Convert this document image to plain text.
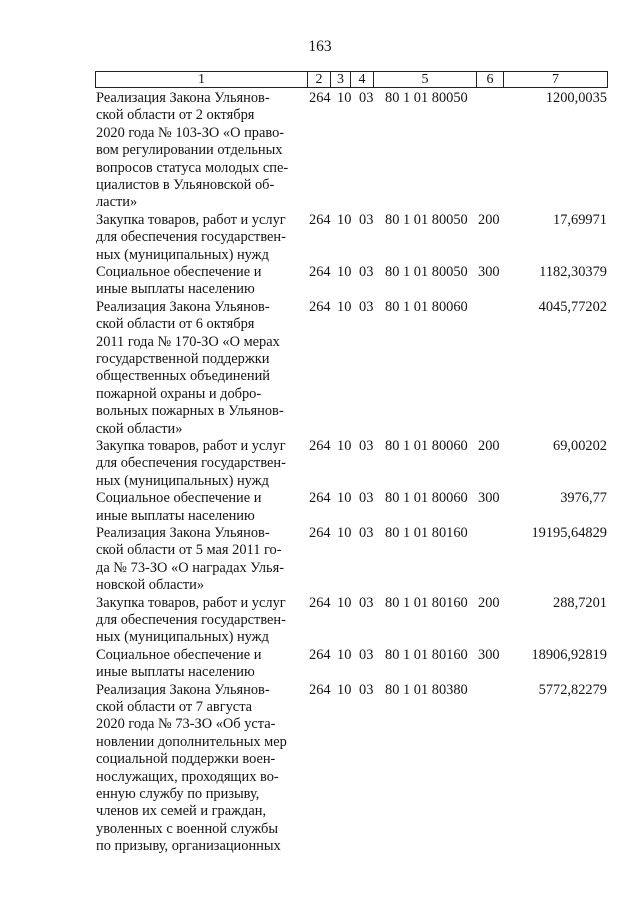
163
1	2	3	4	5	6	7
Реализация Закона Ульянов-
ской области от 2 октября
2020 года № 103-ЗО «О право-
вом регулировании отдельных
вопросов статуса молодых спе-
циалистов в Ульяновской об-
ласти»
264 10 03 80 1 01 80050	1200,0035
Закупка товаров, работ и услуг
для обеспечения государствен-
ных (муниципальных) нужд
264 10 03 80 1 01 80050 200	17,69971
Социальное обеспечение и
иные выплаты населению
264 10 03 80 1 01 80050 300	1182,30379
Реализация Закона Ульянов-
ской области от 6 октября
2011 года № 170-ЗО «О мерах
государственной поддержки
общественных объединений
пожарной охраны и добро-
вольных пожарных в Ульянов-
ской области»
264 10 03 80 1 01 80060	4045,77202
Закупка товаров, работ и услуг
для обеспечения государствен-
ных (муниципальных) нужд
264 10 03 80 1 01 80060 200	69,00202
Социальное обеспечение и
иные выплаты населению
264 10 03 80 1 01 80060 300	3976,77
Реализация Закона Ульянов-
ской области от 5 мая 2011 го-
да № 73-ЗО «О наградах Улья-
новской области»
264 10 03 80 1 01 80160	19195,64829
Закупка товаров, работ и услуг
для обеспечения государствен-
ных (муниципальных) нужд
264 10 03 80 1 01 80160 200	288,7201
Социальное обеспечение и
иные выплаты населению
264 10 03 80 1 01 80160 300 18906,92819
Реализация Закона Ульянов-
ской области от 7 августа
2020 года № 73-ЗО «Об уста-
новлении дополнительных мер
социальной поддержки воен-
нослужащих, проходящих во-
енную службу по призыву,
членов их семей и граждан,
уволенных с военной службы
по призыву, организационных
264 10 03 80 1 01 80380	5772,82279
